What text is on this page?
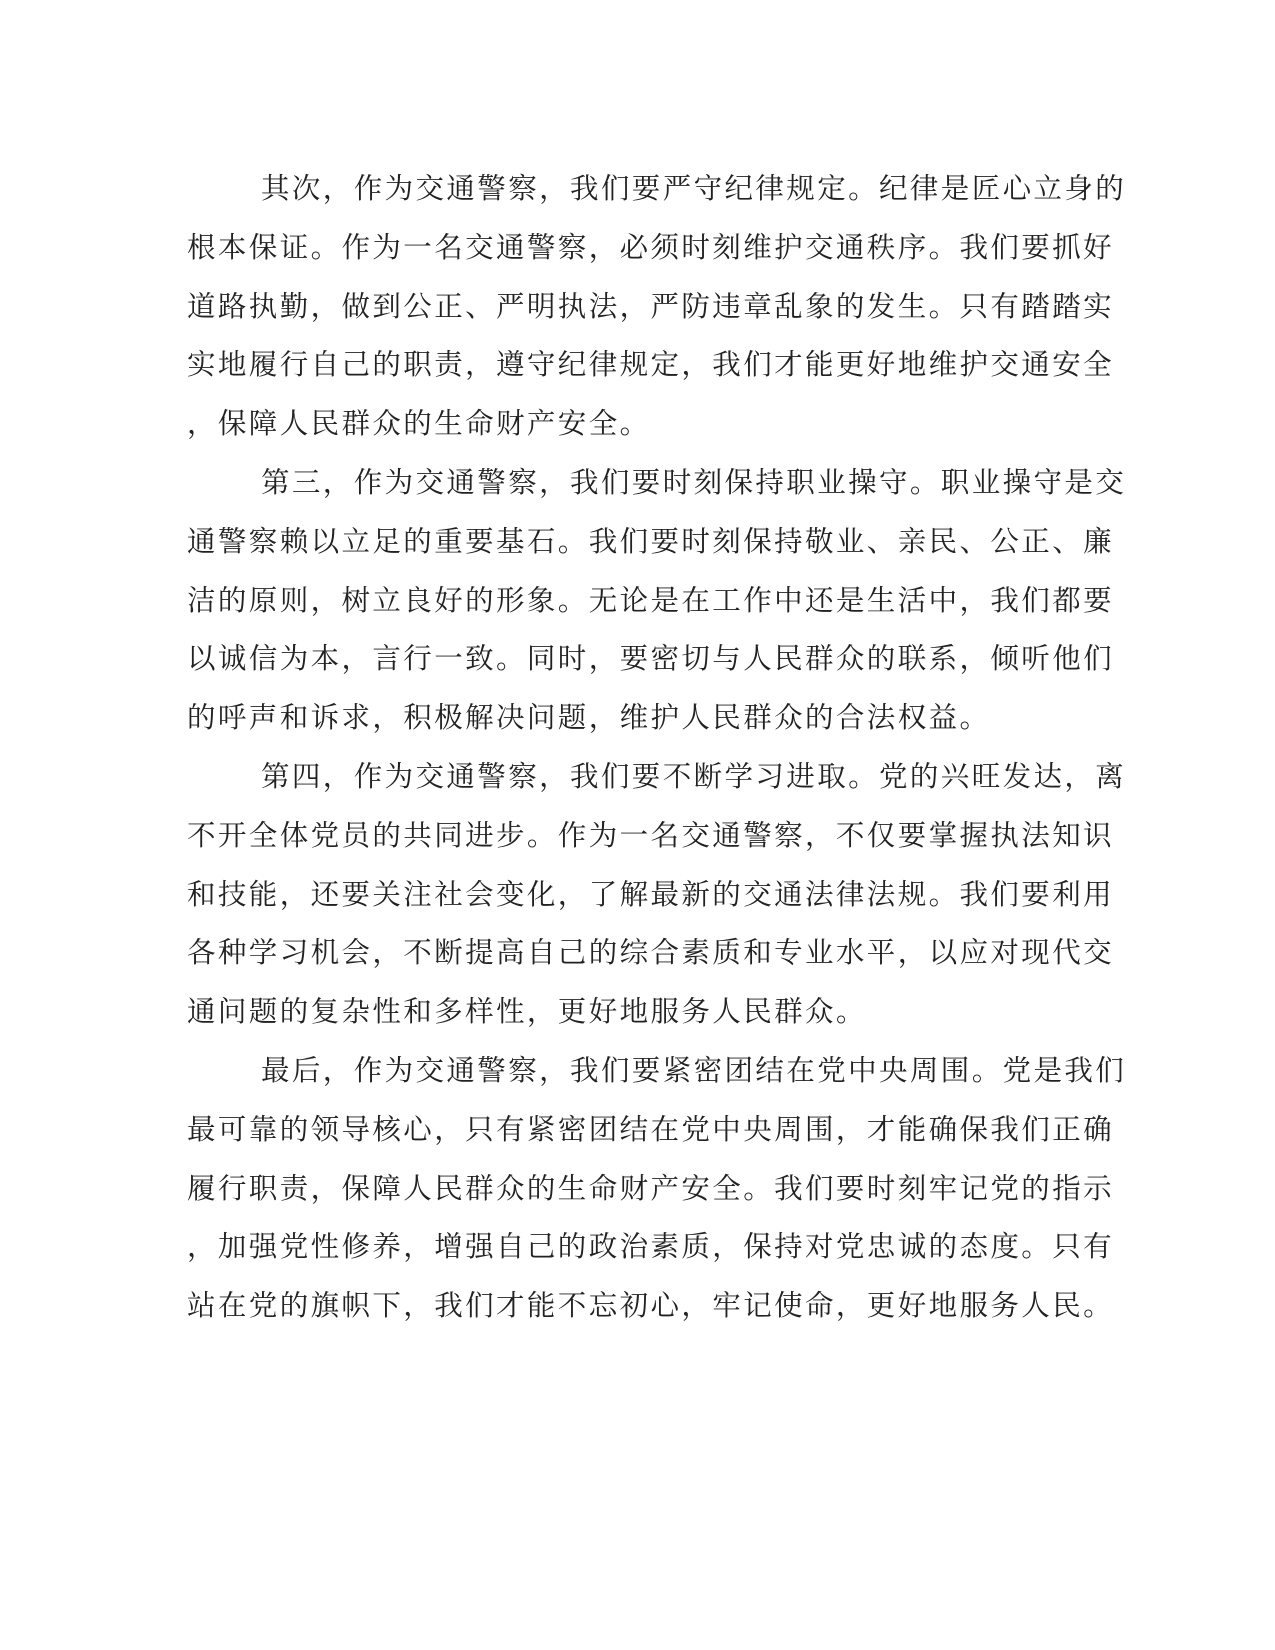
其次，作为交通警察，我们要严守纪律规定。纪律是匠心立身的
根本保证。作为一名交通警察，必须时刻维护交通秩序。我们要抓好
道路执勤，做到公正、严明执法，严防违章乱象的发生。只有踏踏实
实地履行自己的职责，遵守纪律规定，我们才能更好地维护交通安全
，保障人民群众的生命财产安全。
第三，作为交通警察，我们要时刻保持职业操守。职业操守是交
通警察赖以立足的重要基石。我们要时刻保持敬业、亲民、公正、廉
洁的原则，树立良好的形象。无论是在工作中还是生活中，我们都要
以诚信为本，言行一致。同时，要密切与人民群众的联系，倾听他们
的呼声和诉求，积极解决问题，维护人民群众的合法权益。
第四，作为交通警察，我们要不断学习进取。党的兴旺发达，离
不开全体党员的共同进步。作为一名交通警察，不仅要掌握执法知识
和技能，还要关注社会变化，了解最新的交通法律法规。我们要利用
各种学习机会，不断提高自己的综合素质和专业水平，以应对现代交
通问题的复杂性和多样性，更好地服务人民群众。
最后，作为交通警察，我们要紧密团结在党中央周围。党是我们
最可靠的领导核心，只有紧密团结在党中央周围，才能确保我们正确
履行职责，保障人民群众的生命财产安全。我们要时刻牢记党的指示
，加强党性修养，增强自己的政治素质，保持对党忠诚的态度。只有
站在党的旗帜下，我们才能不忘初心，牢记使命，更好地服务人民。
